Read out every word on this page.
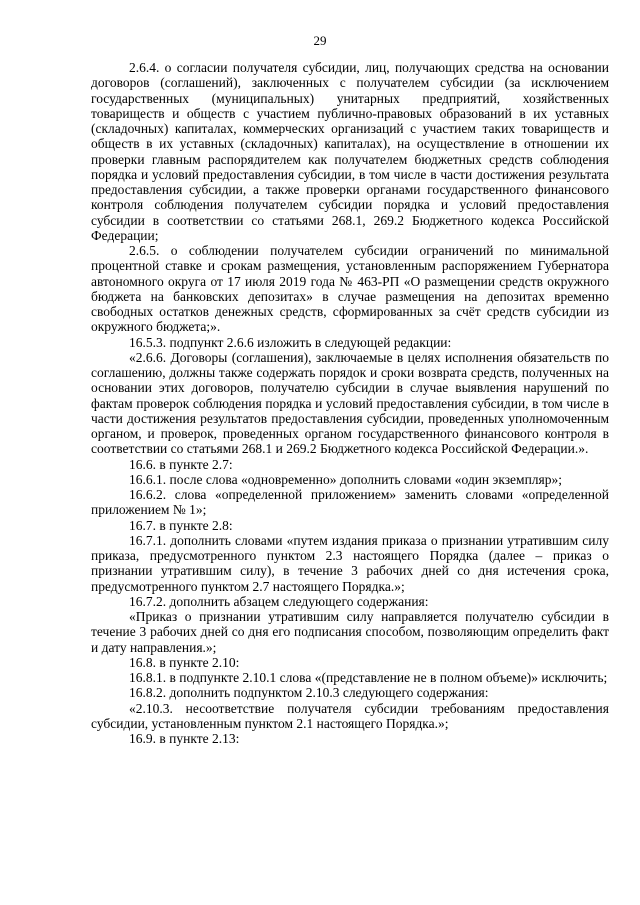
29

2.6.4. о согласии получателя субсидии, лиц, получающих средства на основании договоров (соглашений), заключенных с получателем субсидии (за исключением государственных (муниципальных) унитарных предприятий, хозяйственных товариществ и обществ с участием публично-правовых образований в их уставных (складочных) капиталах, коммерческих организаций с участием таких товариществ и обществ в их уставных (складочных) капиталах), на осуществление в отношении их проверки главным распорядителем как получателем бюджетных средств соблюдения порядка и условий предоставления субсидии, в том числе в части достижения результата предоставления субсидии, а также проверки органами государственного финансового контроля соблюдения получателем субсидии порядка и условий предоставления субсидии в соответствии со статьями 268.1, 269.2 Бюджетного кодекса Российской Федерации;

2.6.5. о соблюдении получателем субсидии ограничений по минимальной процентной ставке и срокам размещения, установленным распоряжением Губернатора автономного округа от 17 июля 2019 года № 463-РП «О размещении средств окружного бюджета на банковских депозитах» в случае размещения на депозитах временно свободных остатков денежных средств, сформированных за счёт средств субсидии из окружного бюджета;».

16.5.3. подпункт 2.6.6 изложить в следующей редакции:

«2.6.6. Договоры (соглашения), заключаемые в целях исполнения обязательств по соглашению, должны также содержать порядок и сроки возврата средств, полученных на основании этих договоров, получателю субсидии в случае выявления нарушений по фактам проверок соблюдения порядка и условий предоставления субсидии, в том числе в части достижения результатов предоставления субсидии, проведенных уполномоченным органом, и проверок, проведенных органом государственного финансового контроля в соответствии со статьями 268.1 и 269.2 Бюджетного кодекса Российской Федерации.».

16.6. в пункте 2.7:

16.6.1. после слова «одновременно» дополнить словами «один экземпляр»;

16.6.2. слова «определенной приложением» заменить словами «определенной приложением № 1»;

16.7. в пункте 2.8:

16.7.1. дополнить словами «путем издания приказа о признании утратившим силу приказа, предусмотренного пунктом 2.3 настоящего Порядка (далее – приказ о признании утратившим силу), в течение 3 рабочих дней со дня истечения срока, предусмотренного пунктом 2.7 настоящего Порядка.»;

16.7.2. дополнить абзацем следующего содержания:

«Приказ о признании утратившим силу направляется получателю субсидии в течение 3 рабочих дней со дня его подписания способом, позволяющим определить факт и дату направления.»;

16.8. в пункте 2.10:

16.8.1. в подпункте 2.10.1 слова «(представление не в полном объеме)» исключить;

16.8.2. дополнить подпунктом 2.10.3 следующего содержания:

«2.10.3. несоответствие получателя субсидии требованиям предоставления субсидии, установленным пунктом 2.1 настоящего Порядка.»;

16.9. в пункте 2.13:
